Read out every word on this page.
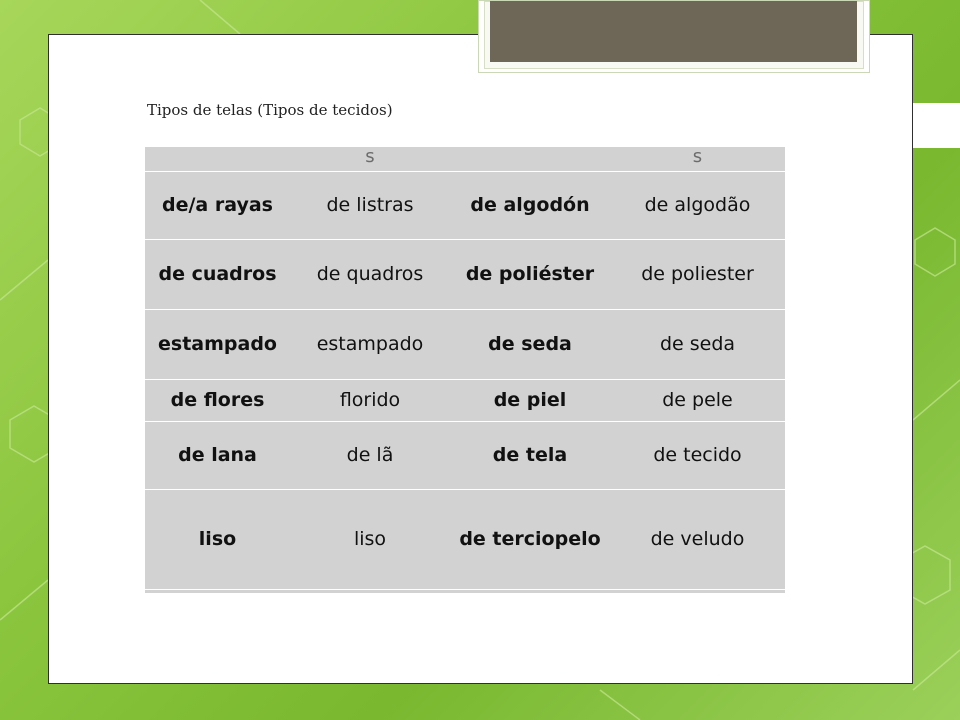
Tipos de telas (Tipos de tecidos)
	s		s
de/a rayas	de listras	de algodón	de algodão
de cuadros	de quadros	de poliéster	de poliester
estampado	estampado	de seda	de seda
de flores	florido	de piel	de pele
de lana	de lã	de tela	de tecido
liso	liso	de terciopelo	de veludo
